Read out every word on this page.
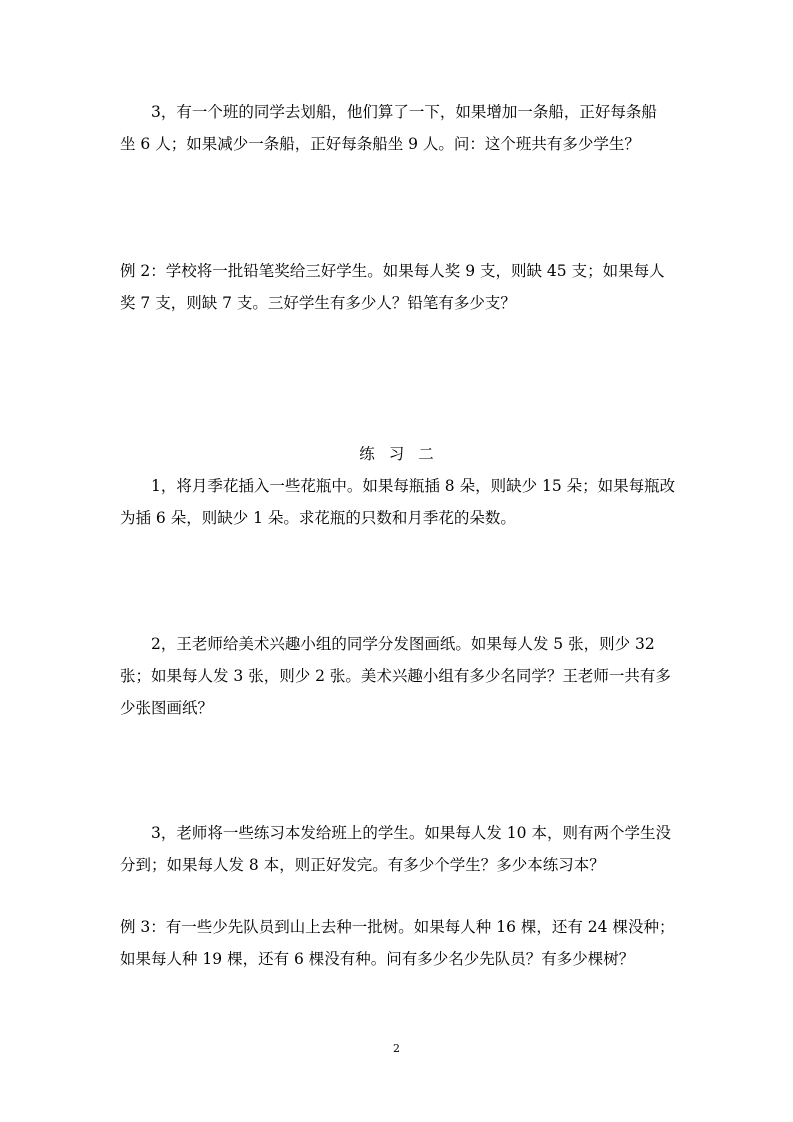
3，有一个班的同学去划船，他们算了一下，如果增加一条船，正好每条船
坐 6 人；如果减少一条船，正好每条船坐 9 人。问：这个班共有多少学生？
例 2：学校将一批铅笔奖给三好学生。如果每人奖 9 支，则缺 45 支；如果每人
奖 7 支，则缺 7 支。三好学生有多少人？铅笔有多少支？
练习二
1，将月季花插入一些花瓶中。如果每瓶插 8 朵，则缺少 15 朵；如果每瓶改
为插 6 朵，则缺少 1 朵。求花瓶的只数和月季花的朵数。
2，王老师给美术兴趣小组的同学分发图画纸。如果每人发 5 张，则少 32
张；如果每人发 3 张，则少 2 张。美术兴趣小组有多少名同学？王老师一共有多
少张图画纸？
3，老师将一些练习本发给班上的学生。如果每人发 10 本，则有两个学生没
分到；如果每人发 8 本，则正好发完。有多少个学生？多少本练习本？
例 3：有一些少先队员到山上去种一批树。如果每人种 16 棵，还有 24 棵没种；
如果每人种 19 棵，还有 6 棵没有种。问有多少名少先队员？有多少棵树？
2
